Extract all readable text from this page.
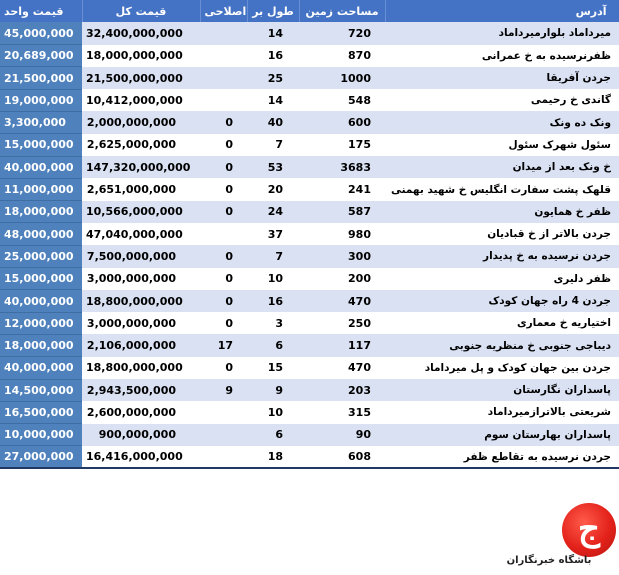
قیمت واحد	قیمت کل	اصلاحی	طول بر	مساحت زمین	آدرس
45,000,000	32,400,000,000		14	720	میرداماد بلوارمیرداماد
20,689,000	18,000,000,000		16	870	ظفرنرسیده به خ عمرانی
21,500,000	21,500,000,000		25	1000	جردن آفریقا
19,000,000	10,412,000,000		14	548	گاندی خ رحیمی
3,300,000	2,000,000,000	0	40	600	ونک ده ونک
15,000,000	2,625,000,000	0	7	175	سئول شهرک سئول
40,000,000	147,320,000,000	0	53	3683	خ ونک بعد از میدان
11,000,000	2,651,000,000	0	20	241	قلهک پشت سفارت انگلیس خ شهید بهمنی
18,000,000	10,566,000,000	0	24	587	ظفر خ همایون
48,000,000	47,040,000,000		37	980	جردن بالاتر از خ قبادیان
25,000,000	7,500,000,000	0	7	300	جردن نرسیده به خ پدیدار
15,000,000	3,000,000,000	0	10	200	ظفر دلیری
40,000,000	18,800,000,000	0	16	470	جردن 4 راه جهان کودک
12,000,000	3,000,000,000	0	3	250	اختیاریه خ معماری
18,000,000	2,106,000,000	17	6	117	دیباجی جنوبی خ منظریه جنوبی
40,000,000	18,800,000,000	0	15	470	جردن بین جهان کودک و پل میرداماد
14,500,000	2,943,500,000	9	9	203	پاسداران نگارستان
16,500,000	2,600,000,000		10	315	شریعتی بالاترازمیرداماد
10,000,000	900,000,000		6	90	پاسداران بهارستان سوم
27,000,000	16,416,000,000		18	608	جردن نرسیده به تقاطع ظفر
ج
باشگاه خبرنگاران
